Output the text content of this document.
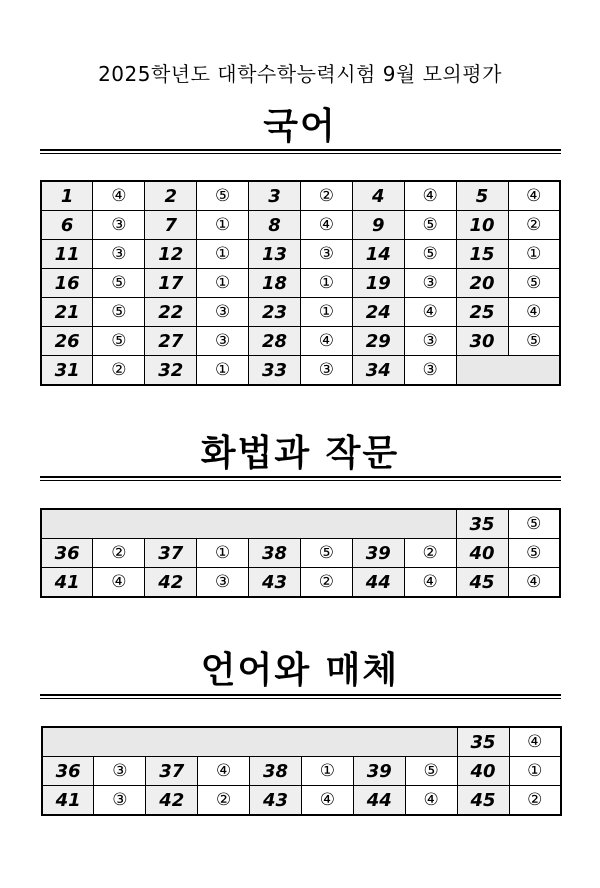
2025학년도 대학수학능력시험 9월 모의평가
국어
1	④	2	⑤	3	②	4	④	5	④
6	③	7	①	8	④	9	⑤	10	②
11	③	12	①	13	③	14	⑤	15	①
16	⑤	17	①	18	①	19	③	20	⑤
21	⑤	22	③	23	①	24	④	25	④
26	⑤	27	③	28	④	29	③	30	⑤
31	②	32	①	33	③	34	③		
화법과 작문
								35	⑤
36	②	37	①	38	⑤	39	②	40	⑤
41	④	42	③	43	②	44	④	45	④
언어와 매체
								35	④
36	③	37	④	38	①	39	⑤	40	①
41	③	42	②	43	④	44	④	45	②
